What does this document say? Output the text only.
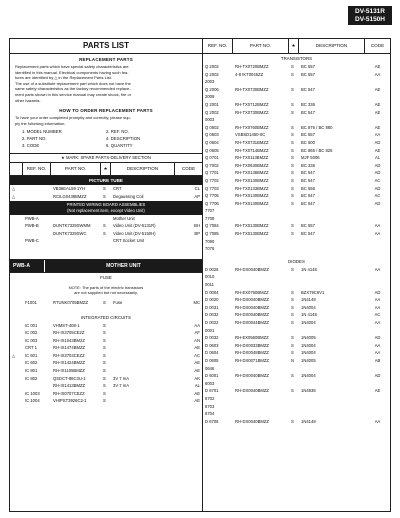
DV-5131R
DV-5150H
PARTS LIST
REPLACEMENT PARTS
Replacement parts which have special safety characteristics are
identified in this manual. Electrical components having such fea-
tures are identified by △ in the Replacement Parts List.
The use of a substitute replacement part which does not have the
same safety characteristics as the factory recommended replace-
ment parts shown in this service manual may create shock, fire or
other hazards.
HOW TO ORDER REPLACEMENT PARTS
To have your order completed promptly and correctly, please sup-
ply the following information.
1. MODEL NUMBER
2. PART NO.
3. CODE
2. REF. NO.
4. DESCRIPTION
6. QUANTITY
★ MARK: SPARE PARTS-DELIVERY SECTION
REF. NO.	PART NO.	★	DESCRIPTION	CODE
PICTURE TUBE
△	VB36EAL59 1YH	S	CRT	CL
△	RCILG0438BMZZ	S	Degaussing Coil	AP
PRINTED WIRING BOARD ASSEMBLIES
(Not replacement item, except Video Unit)
PWB-A	Mother Unit
PWB-B	DUNTK7329SWMM	S	Video Unit (DV-5131R)	BH
DUNTK7329SWC	S	Video Unit (DV-5150H)	BP
PWB-C	CRT Socket Unit
PWB-A	MOTHER UNIT
FUSE
NOTE: The parts of the electric transistors
are not supplied but not necessarily.
F1001	RTUNK0705BMZZ	S	Fuse	MC
INTEGRATED CIRCUITS
IC 001	VHMST-408-1	S	AA
IC 002	RH-IX3705CE2Z	S	AF
IC 003	RH-IX1043BM2Z	S	AN
CRT 1	RH-IX1474BMZZ	S	AE
△	IC 601	RH-IX3703CEZZ	S	AC
IC 602	RH-IX1424BMZZ	S	AE
IC 801	RH-IX1105BMZZ	S	AE
IC 802	QSDCT-88C3U-1	S	3V 7 mA	AK
RH-IX1413BMZZ	S	3V 7 mA	AL
IC 1003	RH-IX0707CEZZ	S	AE
IC 1004	VHIPST3926C2-1	S	AE
REF. NO.	PART NO.	★	DESCRIPTION	CODE
TRANSISTORS
Q 2002	RH-TX0720BMZZ	S	BC 557	AE
Q 2002	4-8 IKT0045ZZ	S	BC 557	AA
2003
Q 2006	RH-TX0730BMZZ	S	BC 547	AE
2009
Q 2001	RH-TX0712BMZZ	S	BC 336	AE
Q 2002	RH-TX0730BMZZ	S	BC 547	AE
0003
Q 0602	RH-TX0760BMZZ	S	BC 876 / BC 880	AE
Q 0603	VSBSD1450-0C	S	BC 557	AA
Q 0604	RH-TX0731BMZZ	S	BC 600	AD
Q 0605	RH-TX0714BMZZ	S	BC 865 / BC 825	AE
Q 0701	RH-TX0113BMZZ	S	MJF 5006	AL
Q 7002	RH-TX0630BMZZ	S	BC 336	AD
Q 7701	RH-TX0136BMZZ	S	BC 547	AD
Q 7702	RH-TX0130BMZZ	S	BC 547	AC
Q 7703	RH-TX0133BMZZ	S	BC 556	AD
Q 7705	RH-TX0130BMZZ	S	BC 547	AC
Q 7706	RH-TX0130BMZZ	S	BC 547	AD
7707
7708
Q 7084	RH-TX0130BMZZ	S	BC 557	AA
Q 7085	RH-TX0130BMZZ	S	BC 547	AA
7090
7076
DIODES
D 0026	RH-DX0040BMZZ	S	1N 4148	AA
0010
0011
D 0004	RH-EX0760BMZZ	S	BZX79C6V1	AD
D 0020	RH-DX0040BMZZ	S	1N4148	AA
D 0031	RH-DX0040BMZZ	S	1N4004	AA
D 0032	RH-DX0040BMZZ	S	1N 4148	AC
D 0022	RH-DX0044BMZZ	S	1N4004	AA
0001
D 0032	RH-EX0560BMZZ	S	1N4005	AD
D 0603	RH-DX0033BMZZ	S	1N4004	AA
D 0604	RH-DX0048BMZZ	S	1N4004	AA
D 0605	RH-DX0071BMZZ	N	1N4005	AB
0646
D 6001	RH-DX0040BMZZ	S	1N4004	AD
6003
D 6701	RH-DX0040BMZZ	S	1N4838	AE
6702
6703
6704
D 6706	RH-DX0040BMZZ	S	1N4148	AA
